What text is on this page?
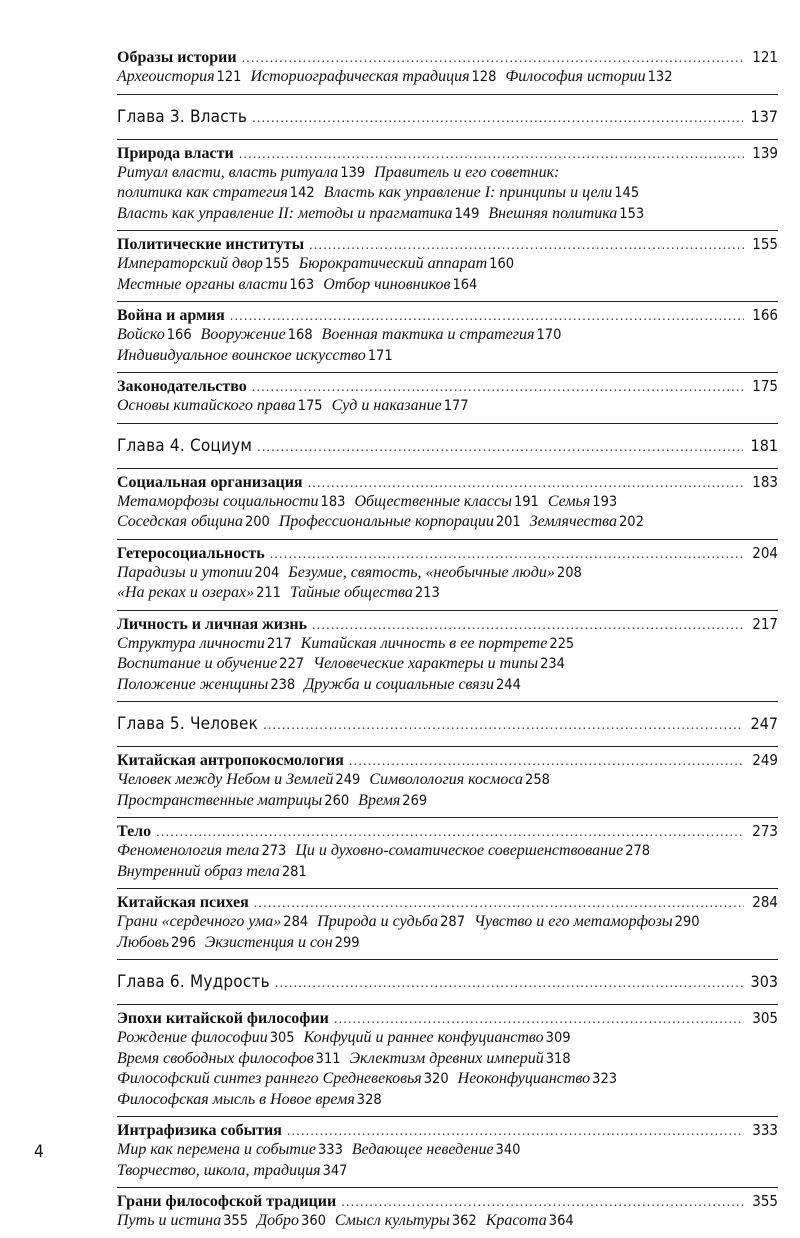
Образы истории .....	121
Археоистория 121 Историографическая традиция 128 Философия истории 132
Глава 3. Власть .....	137
Природа власти .....	139
Ритуал власти, власть ритуала 139 Правитель и его советник:
политика как стратегия 142 Власть как управление I: принципы и цели 145
Власть как управление II: методы и прагматика 149 Внешняя политика 153
Политические институты .....	155
Императорский двор 155 Бюрократический аппарат 160
Местные органы власти 163 Отбор чиновников 164
Война и армия .....	166
Войско 166 Вооружение 168 Военная тактика и стратегия 170
Индивидуальное воинское искусство 171
Законодательство .....	175
Основы китайского права 175 Суд и наказание 177
Глава 4. Социум .....	181
Социальная организация .....	183
Метаморфозы социальности 183 Общественные классы 191 Семья 193
Соседская община 200 Профессиональные корпорации 201 Землячества 202
Гетеросоциальность .....	204
Парадизы и утопии 204 Безумие, святость, «необычные люди» 208
«На реках и озерах» 211 Тайные общества 213
Личность и личная жизнь .....	217
Структура личности 217 Китайская личность в ее портрете 225
Воспитание и обучение 227 Человеческие характеры и типы 234
Положение женщины 238 Дружба и социальные связи 244
Глава 5. Человек .....	247
Китайская антропокосмология .....	249
Человек между Небом и Землей 249 Символология космоса 258
Пространственные матрицы 260 Время 269
Тело .....	273
Феноменология тела 273 Ци и духовно-соматическое совершенствование 278
Внутренний образ тела 281
Китайская психея .....	284
Грани «сердечного ума» 284 Природа и судьба 287 Чувство и его метаморфозы 290
Любовь 296 Экзистенция и сон 299
Глава 6. Мудрость .....	303
Эпохи китайской философии .....	305
Рождение философии 305 Конфуций и раннее конфуцианство 309
Время свободных философов 311 Эклектизм древних империй 318
Философский синтез раннего Средневековья 320 Неоконфуцианство 323
Философская мысль в Новое время 328
Интрафизика события .....	333
Мир как перемена и событие 333 Ведающее неведение 340
Творчество, школа, традиция 347
Грани философской традиции .....	355
Путь и истина 355 Добро 360 Смысл культуры 362 Красота 364
4
